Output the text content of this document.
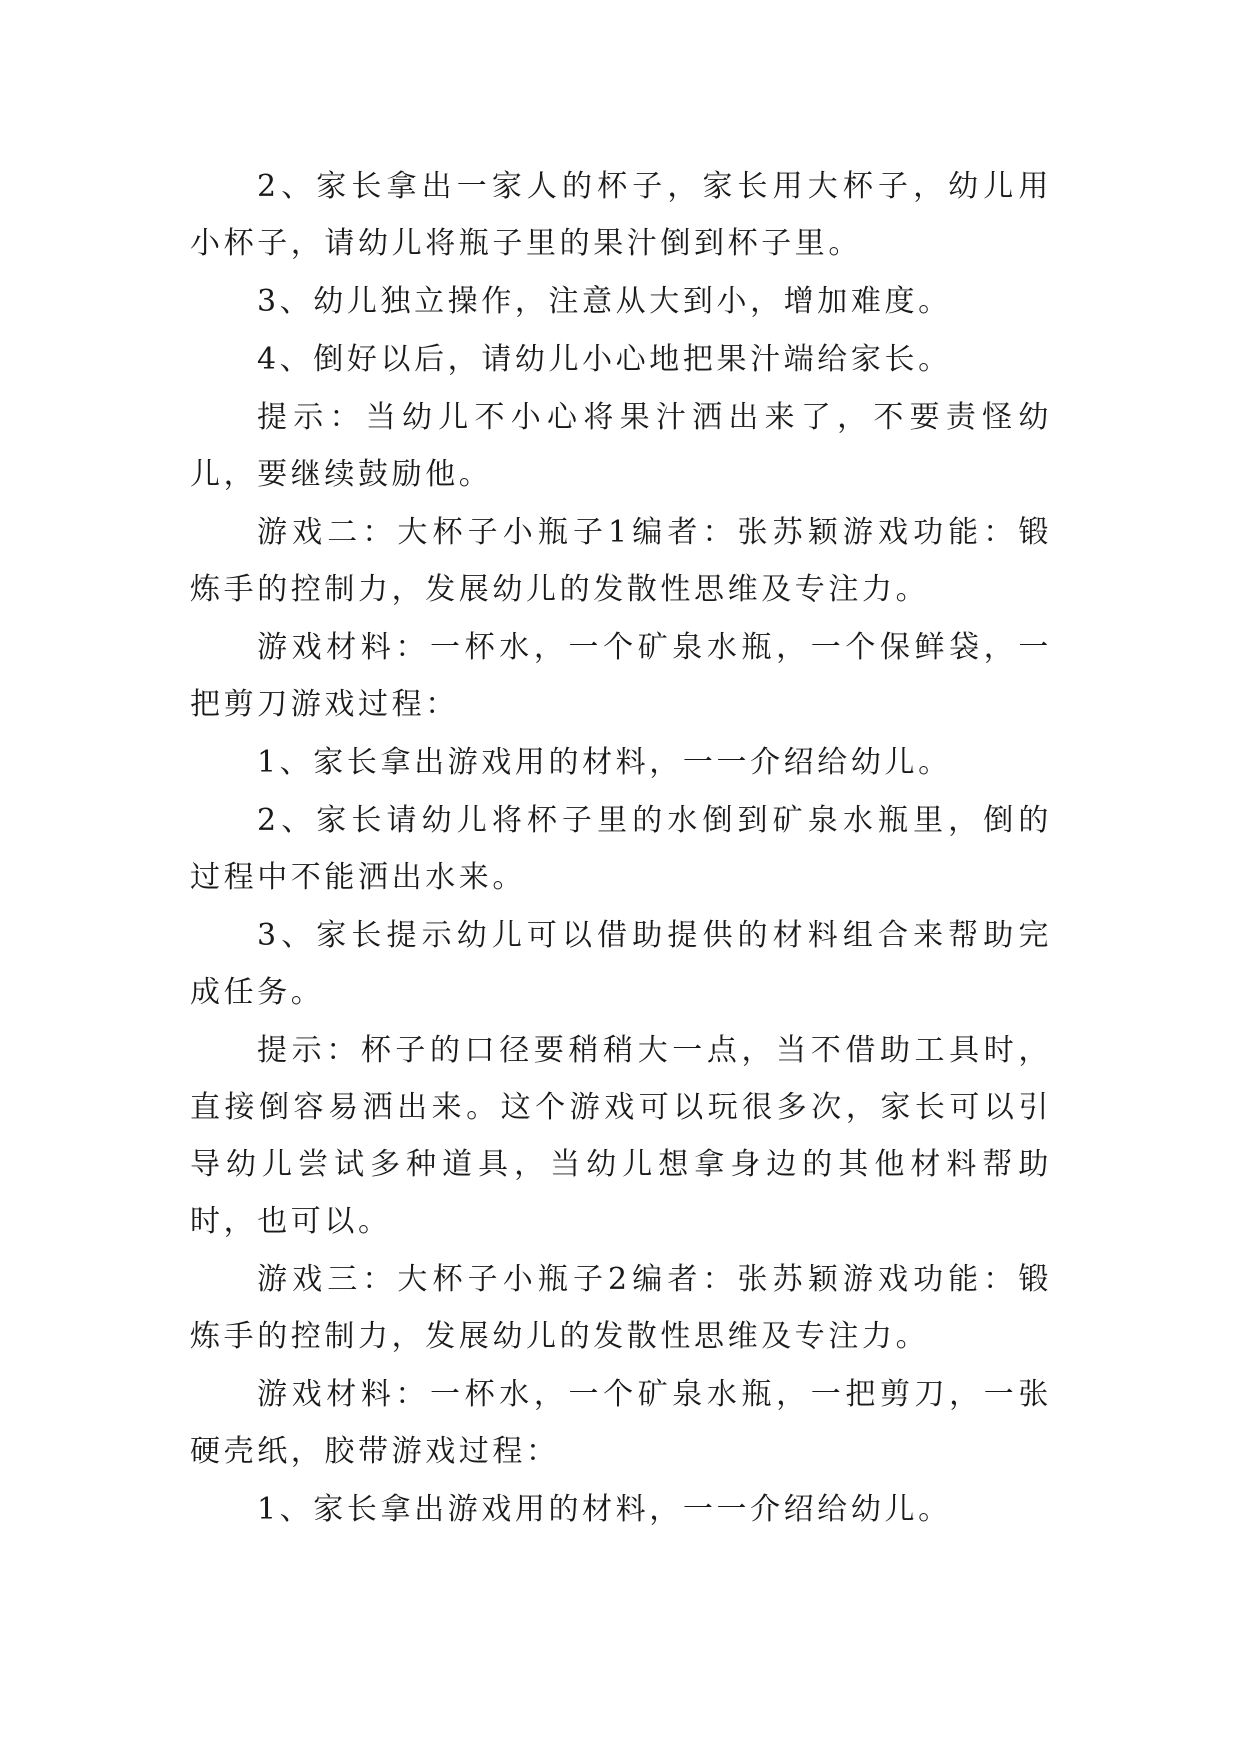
2、家长拿出一家人的杯子，家长用大杯子，幼儿用小杯子，请幼儿将瓶子里的果汁倒到杯子里。

3、幼儿独立操作，注意从大到小，增加难度。

4、倒好以后，请幼儿小心地把果汁端给家长。

提示：当幼儿不小心将果汁洒出来了，不要责怪幼儿，要继续鼓励他。

游戏二：大杯子小瓶子1编者：张苏颖游戏功能：锻炼手的控制力，发展幼儿的发散性思维及专注力。

游戏材料：一杯水，一个矿泉水瓶，一个保鲜袋，一把剪刀游戏过程：

1、家长拿出游戏用的材料，一一介绍给幼儿。

2、家长请幼儿将杯子里的水倒到矿泉水瓶里，倒的过程中不能洒出水来。

3、家长提示幼儿可以借助提供的材料组合来帮助完成任务。

提示：杯子的口径要稍稍大一点，当不借助工具时，直接倒容易洒出来。这个游戏可以玩很多次，家长可以引导幼儿尝试多种道具，当幼儿想拿身边的其他材料帮助时，也可以。

游戏三：大杯子小瓶子2编者：张苏颖游戏功能：锻炼手的控制力，发展幼儿的发散性思维及专注力。

游戏材料：一杯水，一个矿泉水瓶，一把剪刀，一张硬壳纸，胶带游戏过程：

1、家长拿出游戏用的材料，一一介绍给幼儿。
